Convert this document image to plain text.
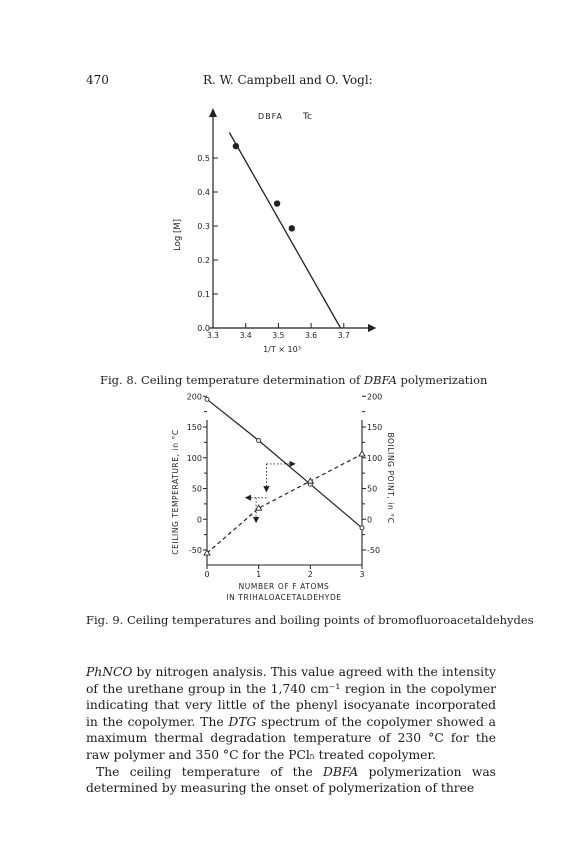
470	R. W. Campbell and O. Vogl:
DBFA Tc
0.0
0.1
0.2
0.3
0.4
0.5
3.3	3.4	3.5	3.6	3.7
1/T × 10³
Log [M]
200
150
100
50
0
-50
200
150
100
50
0
-50
0	1	2	3
NUMBER OF F ATOMS
IN TRIHALOACETALDEHYDE
CEILING TEMPERATURE, in °C	BOILING POINT, in °C
Fig. 8. Ceiling temperature determination of DBFA polymerization
Fig. 9. Ceiling temperatures and boiling points of bromofluoroacetaldehydes

PhNCO by nitrogen analysis. This value agreed with the intensity of the urethane group in the 1,740 cm⁻¹ region in the copolymer indicating that very little of the phenyl isocyanate incorporated in the copolymer. The DTG spectrum of the copolymer showed a maximum thermal degradation temperature of 230 °C for the raw polymer and 350 °C for the PCl₅ treated copolymer.

The ceiling temperature of the DBFA polymerization was determined by measuring the onset of polymerization of three
